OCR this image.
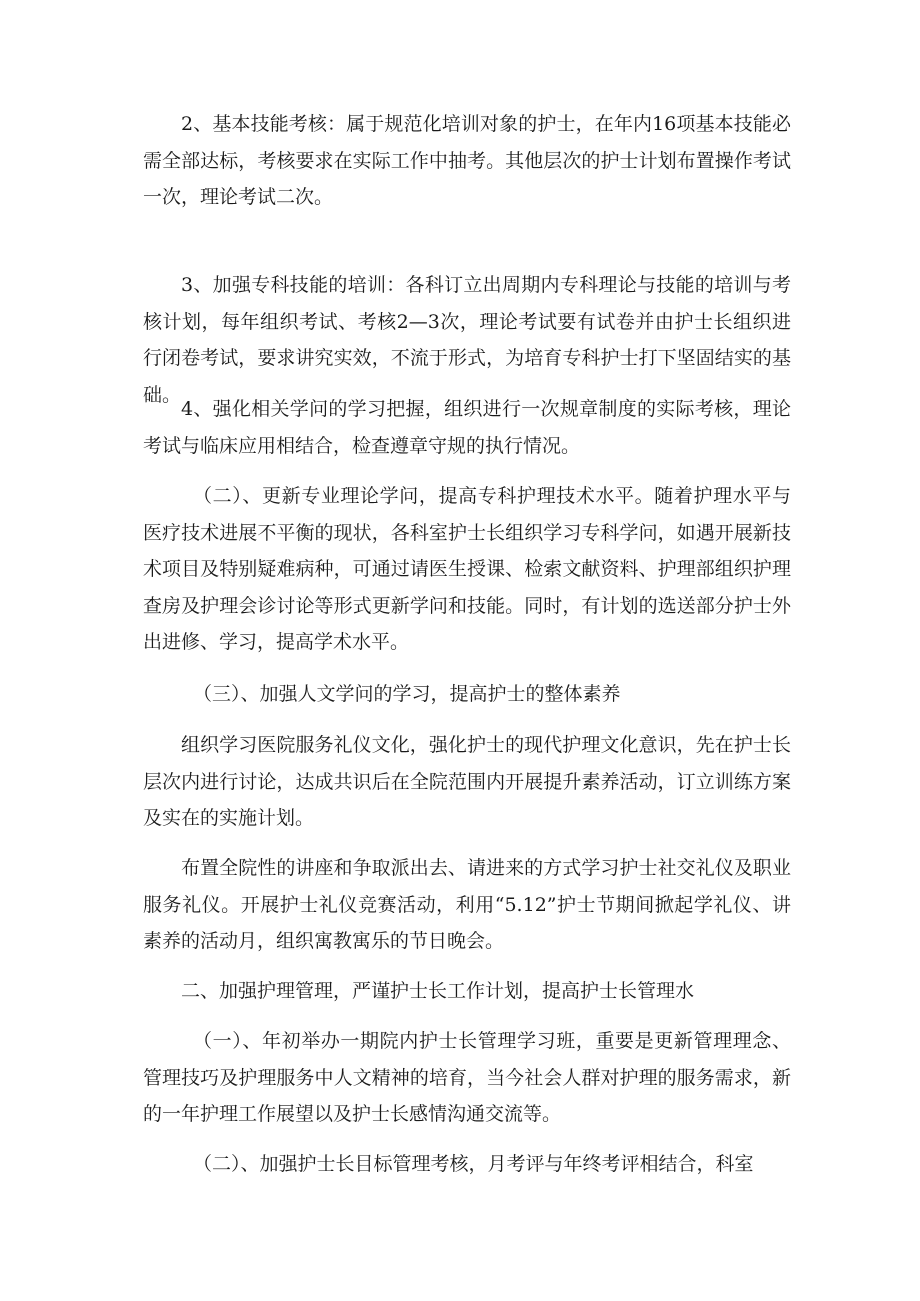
2、基本技能考核：属于规范化培训对象的护士，在年内16项基本技能必需全部达标，考核要求在实际工作中抽考。其他层次的护士计划布置操作考试一次，理论考试二次。

3、加强专科技能的培训：各科订立出周期内专科理论与技能的培训与考核计划，每年组织考试、考核2—3次，理论考试要有试卷并由护士长组织进行闭卷考试，要求讲究实效，不流于形式，为培育专科护士打下坚固结实的基础。

4、强化相关学问的学习把握，组织进行一次规章制度的实际考核，理论考试与临床应用相结合，检查遵章守规的执行情况。

（二）、更新专业理论学问，提高专科护理技术水平。随着护理水平与医疗技术进展不平衡的现状，各科室护士长组织学习专科学问，如遇开展新技术项目及特别疑难病种，可通过请医生授课、检索文献资料、护理部组织护理查房及护理会诊讨论等形式更新学问和技能。同时，有计划的选送部分护士外出进修、学习，提高学术水平。

（三）、加强人文学问的学习，提高护士的整体素养

组织学习医院服务礼仪文化，强化护士的现代护理文化意识，先在护士长层次内进行讨论，达成共识后在全院范围内开展提升素养活动，订立训练方案及实在的实施计划。

布置全院性的讲座和争取派出去、请进来的方式学习护士社交礼仪及职业服务礼仪。开展护士礼仪竞赛活动，利用“5.12”护士节期间掀起学礼仪、讲素养的活动月，组织寓教寓乐的节日晚会。

二、加强护理管理，严谨护士长工作计划，提高护士长管理水

（一）、年初举办一期院内护士长管理学习班，重要是更新管理理念、管理技巧及护理服务中人文精神的培育，当今社会人群对护理的服务需求，新的一年护理工作展望以及护士长感情沟通交流等。

（二）、加强护士长目标管理考核，月考评与年终考评相结合，科室
